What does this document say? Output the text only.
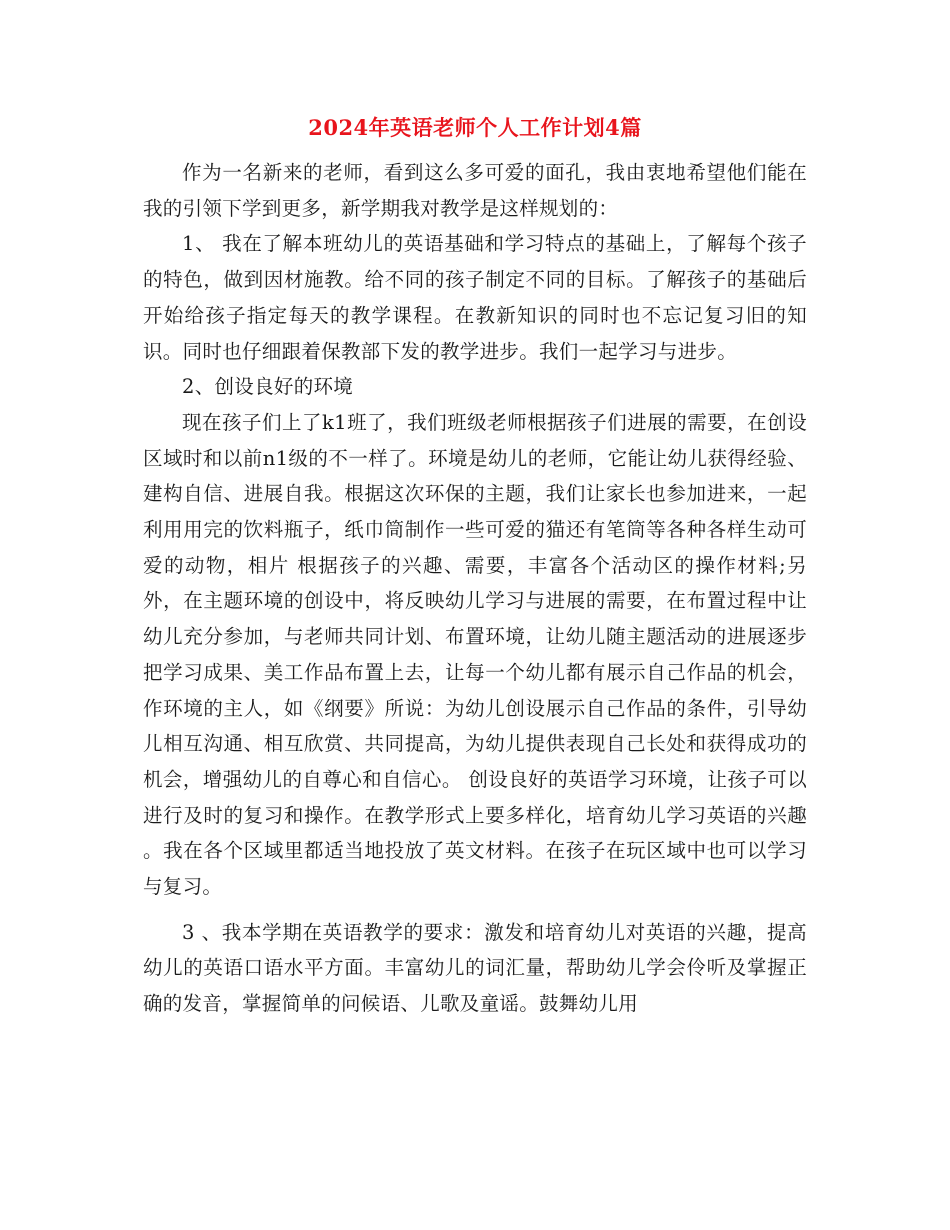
2024年英语老师个人工作计划4篇

作为一名新来的老师，看到这么多可爱的面孔，我由衷地希望他们能在我的引领下学到更多，新学期我对教学是这样规划的：

1、 我在了解本班幼儿的英语基础和学习特点的基础上，了解每个孩子的特色，做到因材施教。给不同的孩子制定不同的目标。了解孩子的基础后开始给孩子指定每天的教学课程。在教新知识的同时也不忘记复习旧的知识。同时也仔细跟着保教部下发的教学进步。我们一起学习与进步。

2、创设良好的环境

现在孩子们上了k1班了，我们班级老师根据孩子们进展的需要，在创设区域时和以前n1级的不一样了。环境是幼儿的老师，它能让幼儿获得经验、建构自信、进展自我。根据这次环保的主题，我们让家长也参加进来，一起利用用完的饮料瓶子，纸巾筒制作一些可爱的猫还有笔筒等各种各样生动可爱的动物，相片 根据孩子的兴趣、需要，丰富各个活动区的操作材料;另外，在主题环境的创设中，将反映幼儿学习与进展的需要，在布置过程中让幼儿充分参加，与老师共同计划、布置环境，让幼儿随主题活动的进展逐步把学习成果、美工作品布置上去，让每一个幼儿都有展示自己作品的机会，作环境的主人，如《纲要》所说：为幼儿创设展示自己作品的条件，引导幼儿相互沟通、相互欣赏、共同提高，为幼儿提供表现自己长处和获得成功的机会，增强幼儿的自尊心和自信心。 创设良好的英语学习环境，让孩子可以进行及时的复习和操作。在教学形式上要多样化，培育幼儿学习英语的兴趣 。我在各个区域里都适当地投放了英文材料。在孩子在玩区域中也可以学习与复习。

3 、我本学期在英语教学的要求：激发和培育幼儿对英语的兴趣，提高幼儿的英语口语水平方面。丰富幼儿的词汇量，帮助幼儿学会伶听及掌握正确的发音，掌握简单的问候语、儿歌及童谣。鼓舞幼儿用
